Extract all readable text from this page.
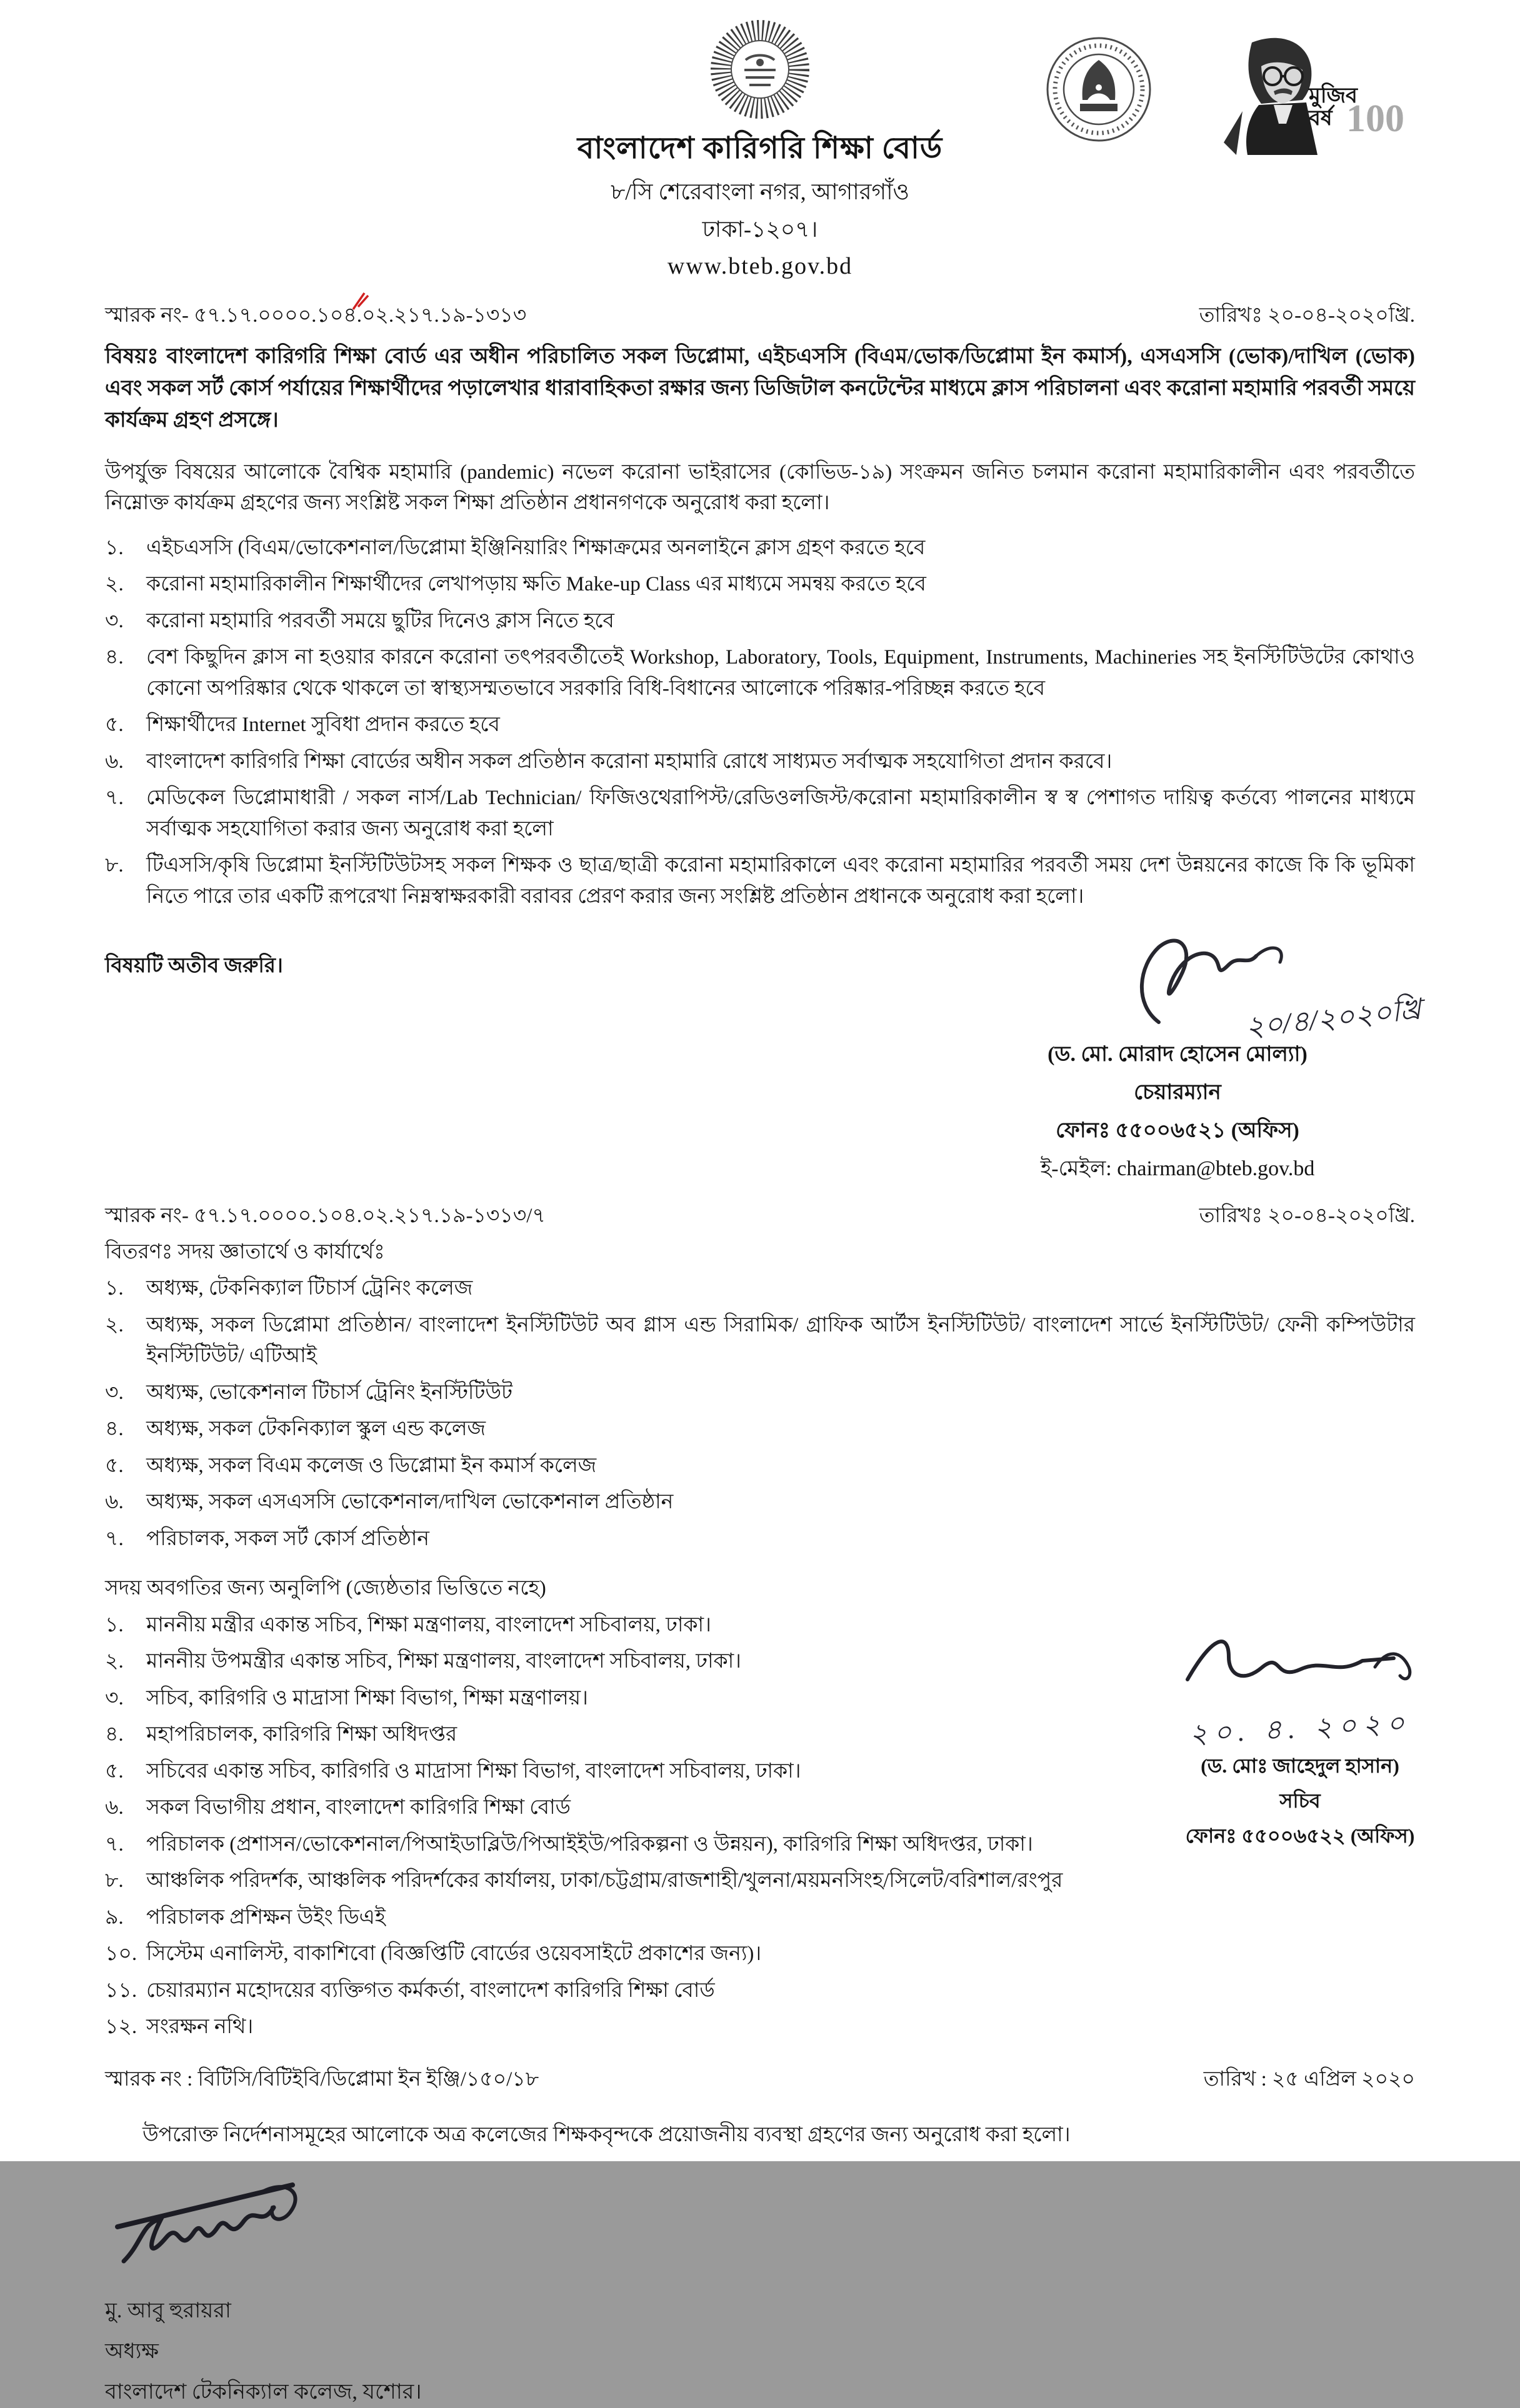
মুজিব
বর্ষ 100
বাংলাদেশ কারিগরি শিক্ষা বোর্ড
৮/সি শেরেবাংলা নগর, আগারগাঁও
ঢাকা-১২০৭।
www.bteb.gov.bd
স্মারক নং- ৫৭.১৭.০০০০.১০৪.০২.২১৭.১৯-১৩১৩	তারিখঃ ২০-০৪-২০২০খ্রি.
বিষয়ঃ বাংলাদেশ কারিগরি শিক্ষা বোর্ড এর অধীন পরিচালিত সকল ডিপ্লোমা, এইচএসসি (বিএম/ভোক/ডিপ্লোমা ইন কমার্স), এসএসসি (ভোক)/দাখিল (ভোক) এবং সকল সর্ট কোর্স পর্যায়ের শিক্ষার্থীদের পড়ালেখার ধারাবাহিকতা রক্ষার জন্য ডিজিটাল কনটেন্টের মাধ্যমে ক্লাস পরিচালনা এবং করোনা মহামারি পরবর্তী সময়ে কার্যক্রম গ্রহণ প্রসঙ্গে।
উপর্যুক্ত বিষয়ের আলোকে বৈশ্বিক মহামারি (pandemic) নভেল করোনা ভাইরাসের (কোভিড-১৯) সংক্রমন জনিত চলমান করোনা মহামারিকালীন এবং পরবর্তীতে নিম্নোক্ত কার্যক্রম গ্রহণের জন্য সংশ্লিষ্ট সকল শিক্ষা প্রতিষ্ঠান প্রধানগণকে অনুরোধ করা হলো।
১. এইচএসসি (বিএম/ভোকেশনাল/ডিপ্লোমা ইঞ্জিনিয়ারিং শিক্ষাক্রমের অনলাইনে ক্লাস গ্রহণ করতে হবে
২. করোনা মহামারিকালীন শিক্ষার্থীদের লেখাপড়ায় ক্ষতি Make-up Class এর মাধ্যমে সমন্বয় করতে হবে
৩. করোনা মহামারি পরবর্তী সময়ে ছুটির দিনেও ক্লাস নিতে হবে
৪. বেশ কিছুদিন ক্লাস না হওয়ার কারনে করোনা তৎপরবর্তীতেই Workshop, Laboratory, Tools, Equipment, Instruments, Machineries সহ ইনস্টিটিউটের কোথাও কোনো অপরিষ্কার থেকে থাকলে তা স্বাস্থ্যসম্মতভাবে সরকারি বিধি-বিধানের আলোকে পরিষ্কার-পরিচ্ছন্ন করতে হবে
৫. শিক্ষার্থীদের Internet সুবিধা প্রদান করতে হবে
৬. বাংলাদেশ কারিগরি শিক্ষা বোর্ডের অধীন সকল প্রতিষ্ঠান করোনা মহামারি রোধে সাধ্যমত সর্বাত্মক সহযোগিতা প্রদান করবে।
৭. মেডিকেল ডিপ্লোমাধারী / সকল নার্স/Lab Technician/ ফিজিওথেরাপিস্ট/রেডিওলজিস্ট/করোনা মহামারিকালীন স্ব স্ব পেশাগত দায়িত্ব কর্তব্যে পালনের মাধ্যমে সর্বাত্মক সহযোগিতা করার জন্য অনুরোধ করা হলো
৮. টিএসসি/কৃষি ডিপ্লোমা ইনস্টিটিউটসহ সকল শিক্ষক ও ছাত্র/ছাত্রী করোনা মহামারিকালে এবং করোনা মহামারির পরবর্তী সময় দেশ উন্নয়নের কাজে কি কি ভূমিকা নিতে পারে তার একটি রূপরেখা নিম্নস্বাক্ষরকারী বরাবর প্রেরণ করার জন্য সংশ্লিষ্ট প্রতিষ্ঠান প্রধানকে অনুরোধ করা হলো।
বিষয়টি অতীব জরুরি।
২০/৪/২০২০খ্রি
(ড. মো. মোরাদ হোসেন মোল্যা)
চেয়ারম্যান
ফোনঃ ৫৫০০৬৫২১ (অফিস)
ই-মেইল: chairman@bteb.gov.bd
স্মারক নং- ৫৭.১৭.০০০০.১০৪.০২.২১৭.১৯-১৩১৩/৭	তারিখঃ ২০-০৪-২০২০খ্রি.
বিতরণঃ সদয় জ্ঞাতার্থে ও কার্যার্থেঃ
১. অধ্যক্ষ, টেকনিক্যাল টিচার্স ট্রেনিং কলেজ
২. অধ্যক্ষ, সকল ডিপ্লোমা প্রতিষ্ঠান/ বাংলাদেশ ইনস্টিটিউট অব গ্লাস এন্ড সিরামিক/ গ্রাফিক আর্টস ইনস্টিটিউট/ বাংলাদেশ সার্ভে ইনস্টিটিউট/ ফেনী কম্পিউটার ইনস্টিটিউট/ এটিআই
৩. অধ্যক্ষ, ভোকেশনাল টিচার্স ট্রেনিং ইনস্টিটিউট
৪. অধ্যক্ষ, সকল টেকনিক্যাল স্কুল এন্ড কলেজ
৫. অধ্যক্ষ, সকল বিএম কলেজ ও ডিপ্লোমা ইন কমার্স কলেজ
৬. অধ্যক্ষ, সকল এসএসসি ভোকেশনাল/দাখিল ভোকেশনাল প্রতিষ্ঠান
৭. পরিচালক, সকল সর্ট কোর্স প্রতিষ্ঠান
সদয় অবগতির জন্য অনুলিপি (জ্যেষ্ঠতার ভিত্তিতে নহে)
১. মাননীয় মন্ত্রীর একান্ত সচিব, শিক্ষা মন্ত্রণালয়, বাংলাদেশ সচিবালয়, ঢাকা।
২. মাননীয় উপমন্ত্রীর একান্ত সচিব, শিক্ষা মন্ত্রণালয়, বাংলাদেশ সচিবালয়, ঢাকা।
৩. সচিব, কারিগরি ও মাদ্রাসা শিক্ষা বিভাগ, শিক্ষা মন্ত্রণালয়।
৪. মহাপরিচালক, কারিগরি শিক্ষা অধিদপ্তর
৫. সচিবের একান্ত সচিব, কারিগরি ও মাদ্রাসা শিক্ষা বিভাগ, বাংলাদেশ সচিবালয়, ঢাকা।
৬. সকল বিভাগীয় প্রধান, বাংলাদেশ কারিগরি শিক্ষা বোর্ড
৭. পরিচালক (প্রশাসন/ভোকেশনাল/পিআইডাব্লিউ/পিআইইউ/পরিকল্পনা ও উন্নয়ন), কারিগরি শিক্ষা অধিদপ্তর, ঢাকা।
৮. আঞ্চলিক পরিদর্শক, আঞ্চলিক পরিদর্শকের কার্যালয়, ঢাকা/চট্টগ্রাম/রাজশাহী/খুলনা/ময়মনসিংহ/সিলেট/বরিশাল/রংপুর
৯. পরিচালক প্রশিক্ষন উইং ডিএই
১০. সিস্টেম এনালিস্ট, বাকাশিবো (বিজ্ঞপ্তিটি বোর্ডের ওয়েবসাইটে প্রকাশের জন্য)।
১১. চেয়ারম্যান মহোদয়ের ব্যক্তিগত কর্মকর্তা, বাংলাদেশ কারিগরি শিক্ষা বোর্ড
১২. সংরক্ষন নথি।
স্মারক নং : বিটিসি/বিটিইবি/ডিপ্লোমা ইন ইঞ্জি/১৫০/১৮	তারিখ : ২৫ এপ্রিল ২০২০
উপরোক্ত নির্দেশনাসমূহের আলোকে অত্র কলেজের শিক্ষকবৃন্দকে প্রয়োজনীয় ব্যবস্থা গ্রহণের জন্য অনুরোধ করা হলো।
মু. আবু হুরায়রা
অধ্যক্ষ
বাংলাদেশ টেকনিক্যাল কলেজ, যশোর।
২০. ৪. ২০২০
(ড. মোঃ জাহেদুল হাসান)
সচিব
ফোনঃ ৫৫০০৬৫২২ (অফিস)
